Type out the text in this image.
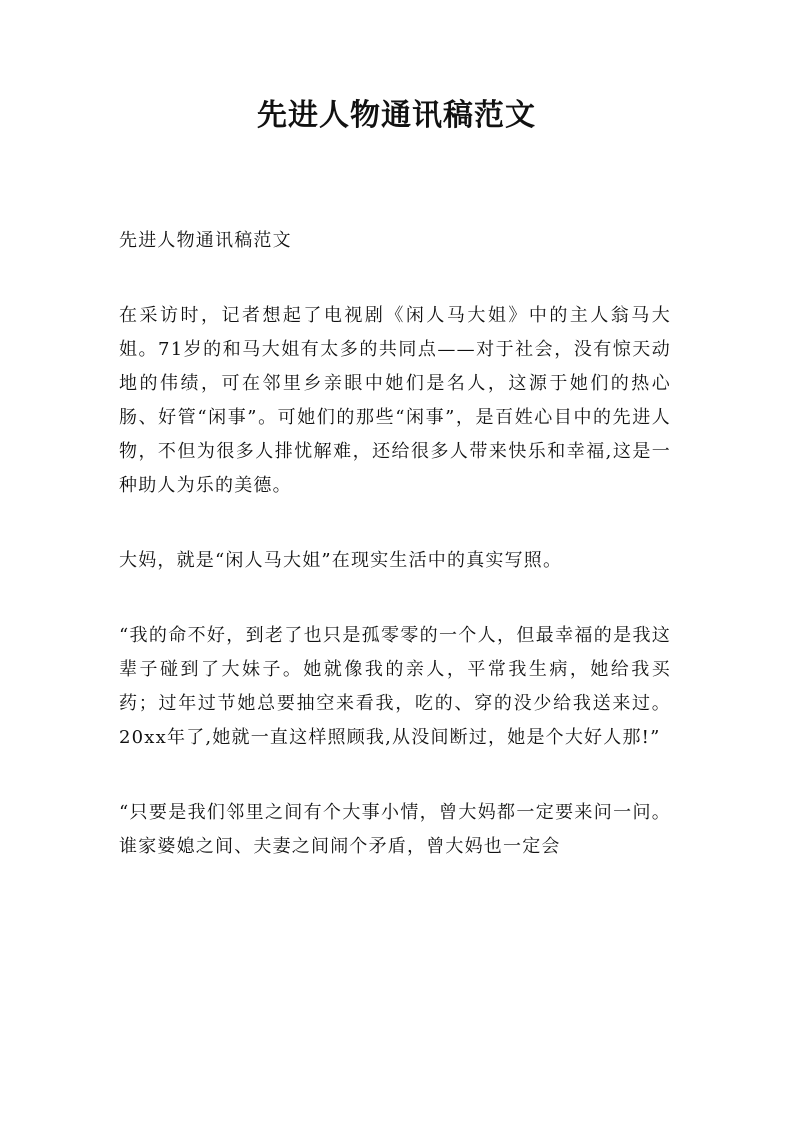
先进人物通讯稿范文

先进人物通讯稿范文

在采访时，记者想起了电视剧《闲人马大姐》中的主人翁马大姐。71岁的和马大姐有太多的共同点——对于社会，没有惊天动地的伟绩，可在邻里乡亲眼中她们是名人，这源于她们的热心肠、好管“闲事”。可她们的那些“闲事”，是百姓心目中的先进人物，不但为很多人排忧解难，还给很多人带来快乐和幸福,这是一种助人为乐的美德。

大妈，就是“闲人马大姐”在现实生活中的真实写照。

“我的命不好，到老了也只是孤零零的一个人，但最幸福的是我这辈子碰到了大妹子。她就像我的亲人，平常我生病，她给我买药；过年过节她总要抽空来看我，吃的、穿的没少给我送来过。20xx年了,她就一直这样照顾我,从没间断过，她是个大好人那!”

“只要是我们邻里之间有个大事小情，曾大妈都一定要来问一问。谁家婆媳之间、夫妻之间闹个矛盾，曾大妈也一定会
